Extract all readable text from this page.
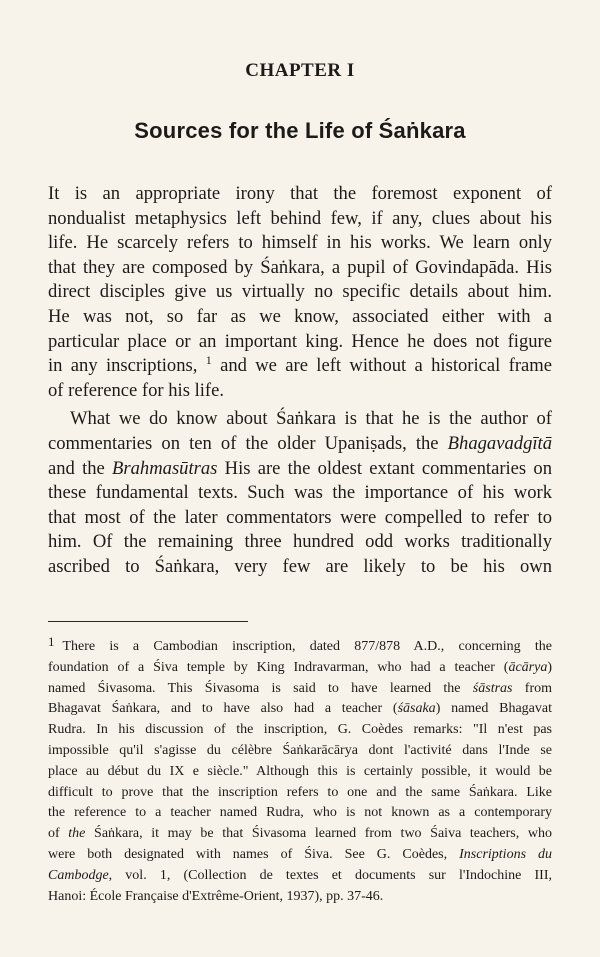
CHAPTER I
Sources for the Life of Śaṅkara
It is an appropriate irony that the foremost exponent of
nondualist metaphysics left behind few, if any, clues about his
life. He scarcely refers to himself in his works. We learn only
that they are composed by Śaṅkara, a pupil of Govindapāda. His
direct disciples give us virtually no specific details about him.
He was not, so far as we know, associated either with a
particular place or an important king. Hence he does not figure
in any inscriptions, $^1$ and we are left without a historical frame
of reference for his life.
What we do know about Śaṅkara is that he is the author of
commentaries on ten of the older Upaniṣads, the Bhagavadgītā
and the Brahmasūtras His are the oldest extant commentaries on
these fundamental texts. Such was the importance of his work
that most of the later commentators were compelled to refer to
him. Of the remaining three hundred odd works traditionally
ascribed to Śaṅkara, very few are likely to be his own
1 There is a Cambodian inscription, dated 877/878 A.D., concerning the
foundation of a Śiva temple by King Indravarman, who had a teacher (ācārya)
named Śivasoma. This Śivasoma is said to have learned the śāstras from
Bhagavat Śaṅkara, and to have also had a teacher (śāsaka) named Bhagavat
Rudra. In his discussion of the inscription, G. Coèdes remarks: "Il n'est pas
impossible qu'il s'agisse du célèbre Śaṅkarācārya dont l'activité dans l'Inde se
place au début du IX e siècle." Although this is certainly possible, it would be
difficult to prove that the inscription refers to one and the same Śaṅkara. Like
the reference to a teacher named Rudra, who is not known as a contemporary
of the Śaṅkara, it may be that Śivasoma learned from two Śaiva teachers, who
were both designated with names of Śiva. See G. Coèdes, Inscriptions du
Cambodge, vol. 1, (Collection de textes et documents sur l'Indochine III,
Hanoi: École Française d'Extrême-Orient, 1937), pp. 37-46.
